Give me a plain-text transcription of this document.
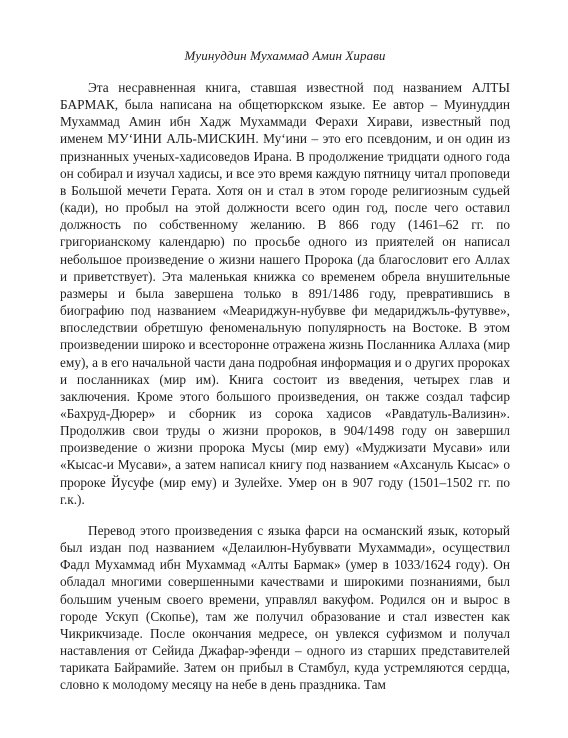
Муинуддин Мухаммад Амин Хирави

Эта несравненная книга, ставшая известной под названием АЛТЫ БАРМАК, была написана на общетюркском языке. Ее автор – Муинуддин Мухаммад Амин ибн Хадж Мухаммади Ферахи Хирави, известный под именем МУ‘ИНИ АЛЬ-МИСКИН. Му‘ини – это его псевдоним, и он один из признанных ученых-хадисоведов Ирана. В продолжение тридцати одного года он собирал и изучал хадисы, и все это время каждую пятницу читал проповеди в Большой мечети Герата. Хотя он и стал в этом городе религиозным судьей (кади), но пробыл на этой должности всего один год, после чего оставил должность по собственному желанию. В 866 году (1461–62 гг. по григорианскому календарю) по просьбе одного из приятелей он написал небольшое произведение о жизни нашего Пророка (да благословит его Аллах и приветствует). Эта маленькая книжка со временем обрела внушительные размеры и была завершена только в 891/1486 году, превратившись в биографию под названием «Меариджун-нубувве фи медариджъль-футувве», впоследствии обретшую феноменальную популярность на Востоке. В этом произведении широко и всесторонне отражена жизнь Посланника Аллаха (мир ему), а в его начальной части дана подробная информация и о других пророках и посланниках (мир им). Книга состоит из введения, четырех глав и заключения. Кроме этого большого произведения, он также создал тафсир «Бахруд-Дюрер» и сборник из сорока хадисов «Равдатуль-Вализин». Продолжив свои труды о жизни пророков, в 904/1498 году он завершил произведение о жизни пророка Мусы (мир ему) «Муджизати Мусави» или «Кысас-и Мусави», а затем написал книгу под названием «Ахсануль Кысас» о пророке Йусуфе (мир ему) и Зулейхе. Умер он в 907 году (1501–1502 гг. по г.к.).

Перевод этого произведения с языка фарси на османский язык, который был издан под названием «Делаилюн-Нубуввати Мухаммади», осуществил Фадл Мухаммад ибн Мухаммад «Алты Бармак» (умер в 1033/1624 году). Он обладал многими совершенными качествами и широкими познаниями, был большим ученым своего времени, управлял вакуфом. Родился он и вырос в городе Ускуп (Скопье), там же получил образование и стал известен как Чикрикчизаде. После окончания медресе, он увлекся суфизмом и получал наставления от Сейида Джафар-эфенди – одного из старших представителей тариката Байрамийе. Затем он прибыл в Стамбул, куда устремляются сердца, словно к молодому месяцу на небе в день праздника. Там
